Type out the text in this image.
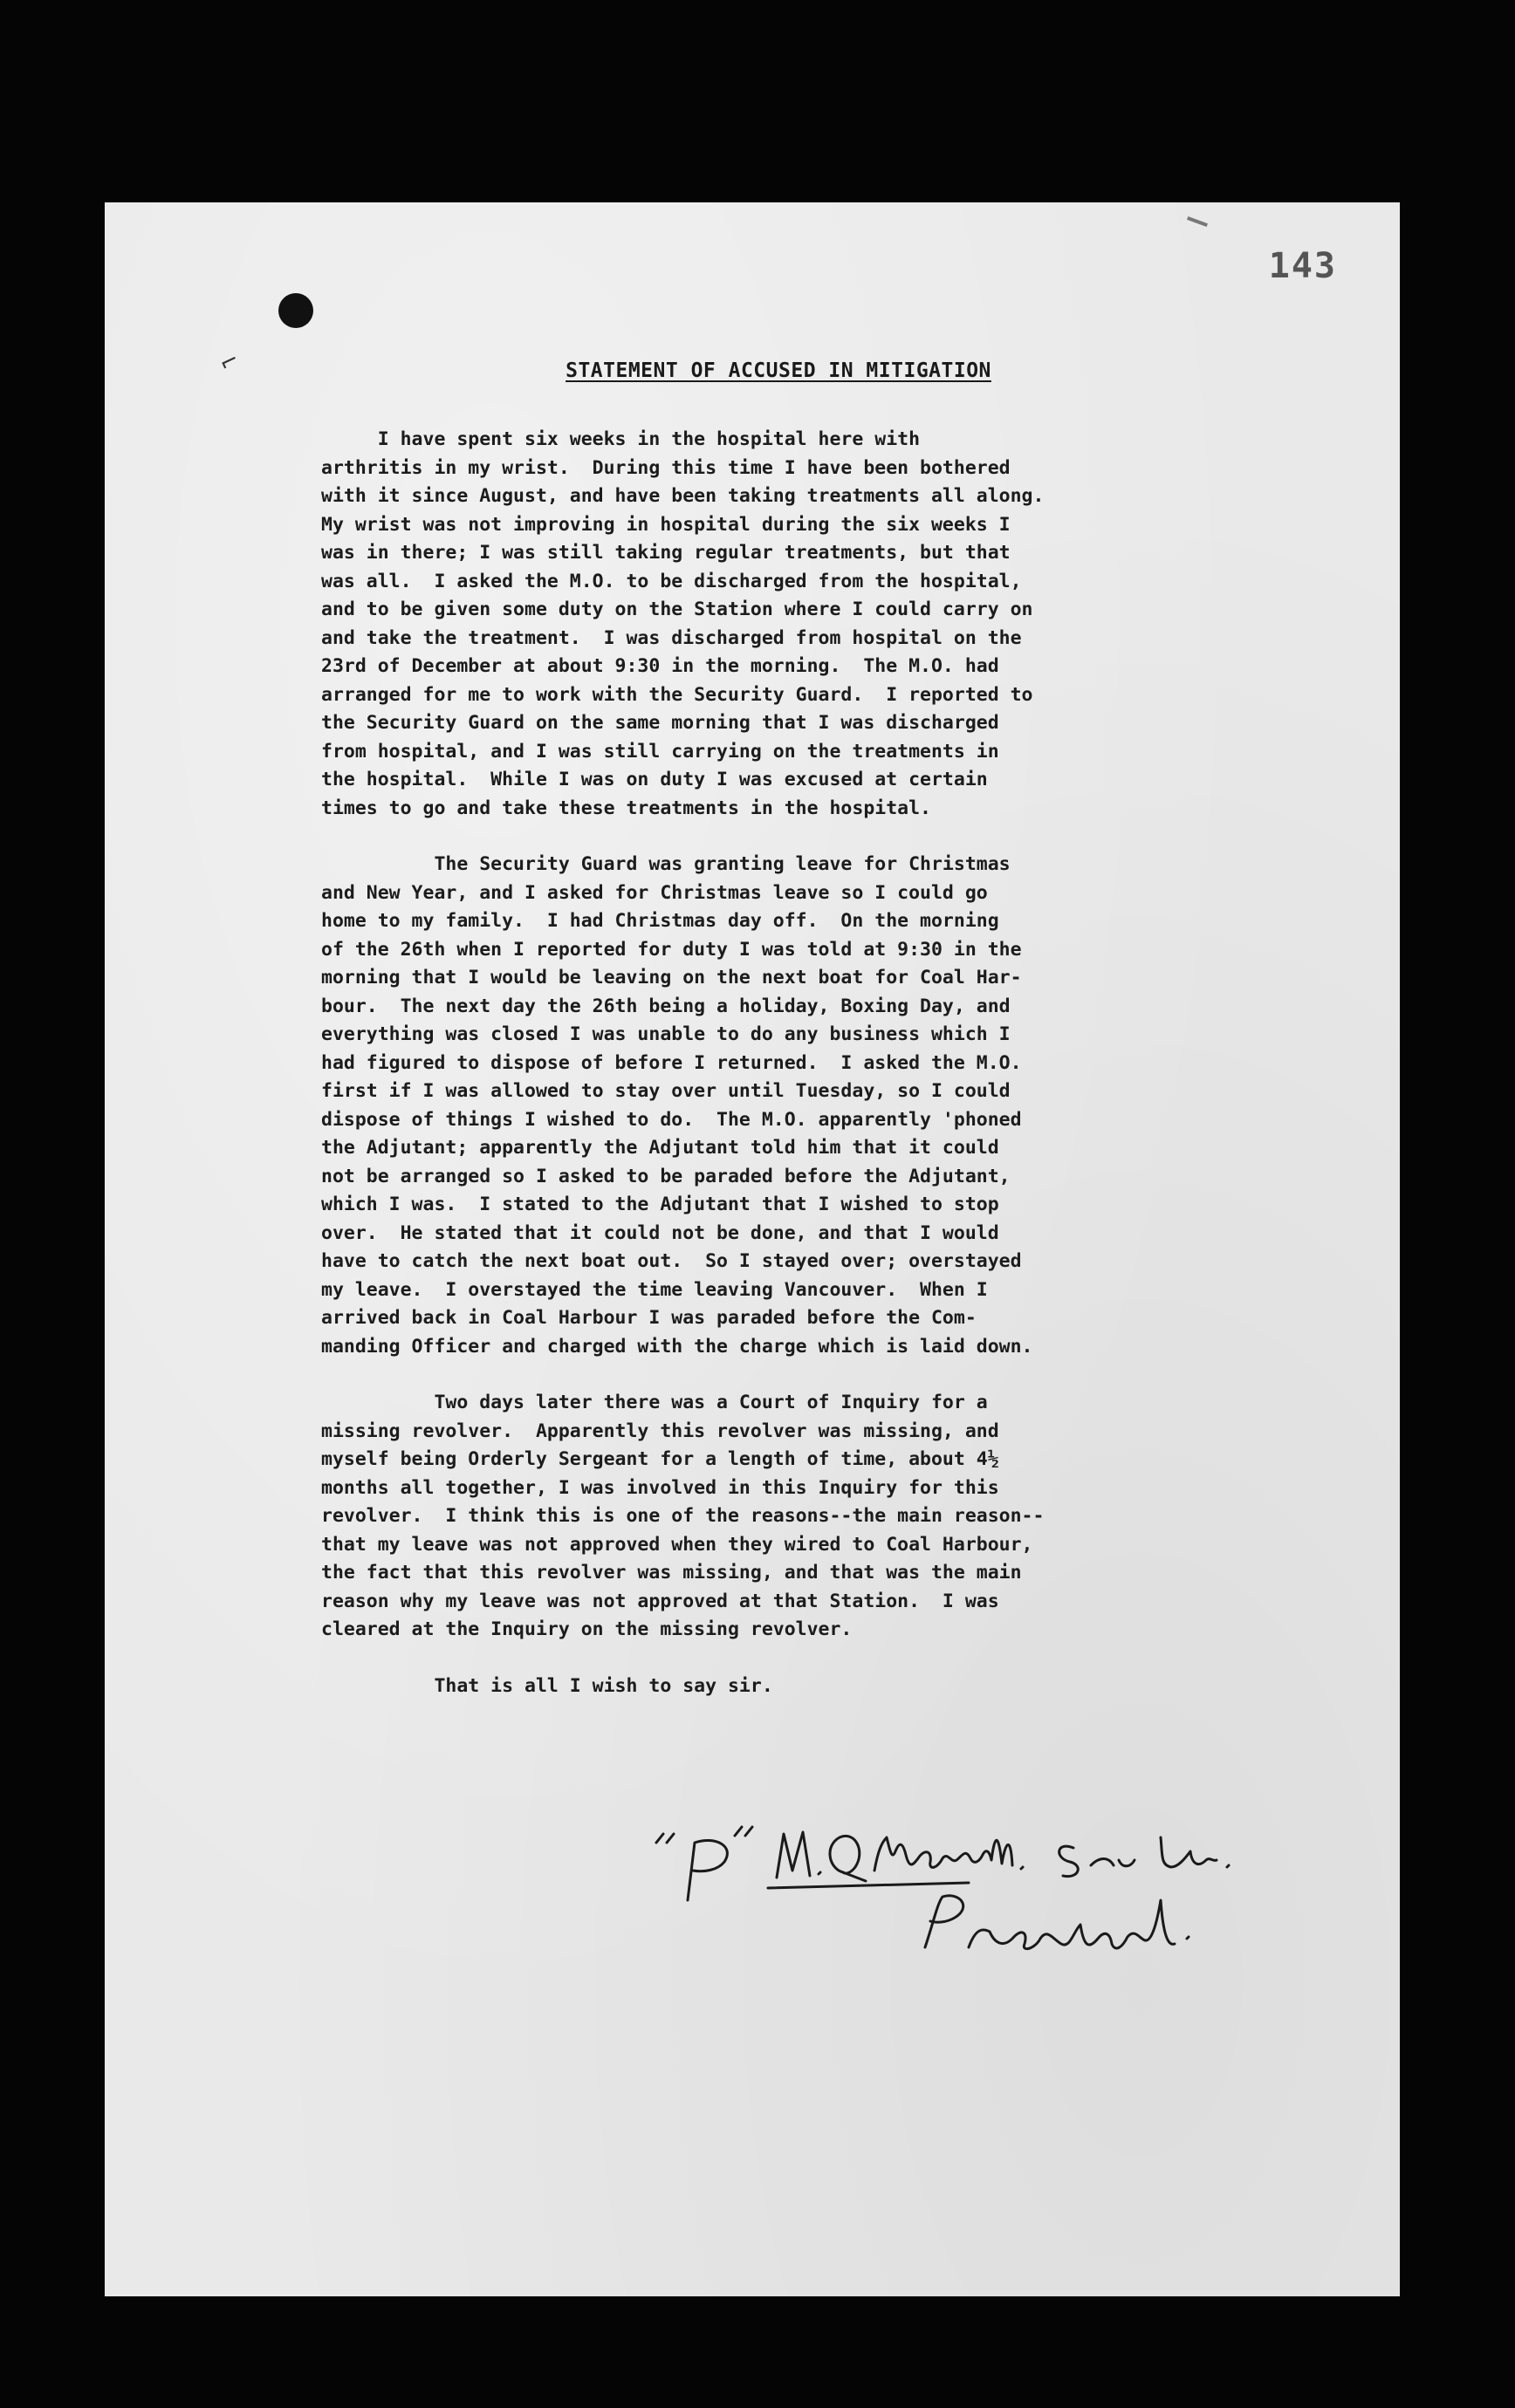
⌐
143
STATEMENT OF ACCUSED IN MITIGATION
I have spent six weeks in the hospital here with
arthritis in my wrist.  During this time I have been bothered
with it since August, and have been taking treatments all along.
My wrist was not improving in hospital during the six weeks I
was in there; I was still taking regular treatments, but that
was all.  I asked the M.O. to be discharged from the hospital,
and to be given some duty on the Station where I could carry on
and take the treatment.  I was discharged from hospital on the
23rd of December at about 9:30 in the morning.  The M.O. had
arranged for me to work with the Security Guard.  I reported to
the Security Guard on the same morning that I was discharged
from hospital, and I was still carrying on the treatments in
the hospital.  While I was on duty I was excused at certain
times to go and take these treatments in the hospital.
The Security Guard was granting leave for Christmas
and New Year, and I asked for Christmas leave so I could go
home to my family.  I had Christmas day off.  On the morning
of the 26th when I reported for duty I was told at 9:30 in the
morning that I would be leaving on the next boat for Coal Har-
bour.  The next day the 26th being a holiday, Boxing Day, and
everything was closed I was unable to do any business which I
had figured to dispose of before I returned.  I asked the M.O.
first if I was allowed to stay over until Tuesday, so I could
dispose of things I wished to do.  The M.O. apparently 'phoned
the Adjutant; apparently the Adjutant told him that it could
not be arranged so I asked to be paraded before the Adjutant,
which I was.  I stated to the Adjutant that I wished to stop
over.  He stated that it could not be done, and that I would
have to catch the next boat out.  So I stayed over; overstayed
my leave.  I overstayed the time leaving Vancouver.  When I
arrived back in Coal Harbour I was paraded before the Com-
manding Officer and charged with the charge which is laid down.
Two days later there was a Court of Inquiry for a
missing revolver.  Apparently this revolver was missing, and
myself being Orderly Sergeant for a length of time, about 4½
months all together, I was involved in this Inquiry for this
revolver.  I think this is one of the reasons--the main reason--
that my leave was not approved when they wired to Coal Harbour,
the fact that this revolver was missing, and that was the main
reason why my leave was not approved at that Station.  I was
cleared at the Inquiry on the missing revolver.
That is all I wish to say sir.
